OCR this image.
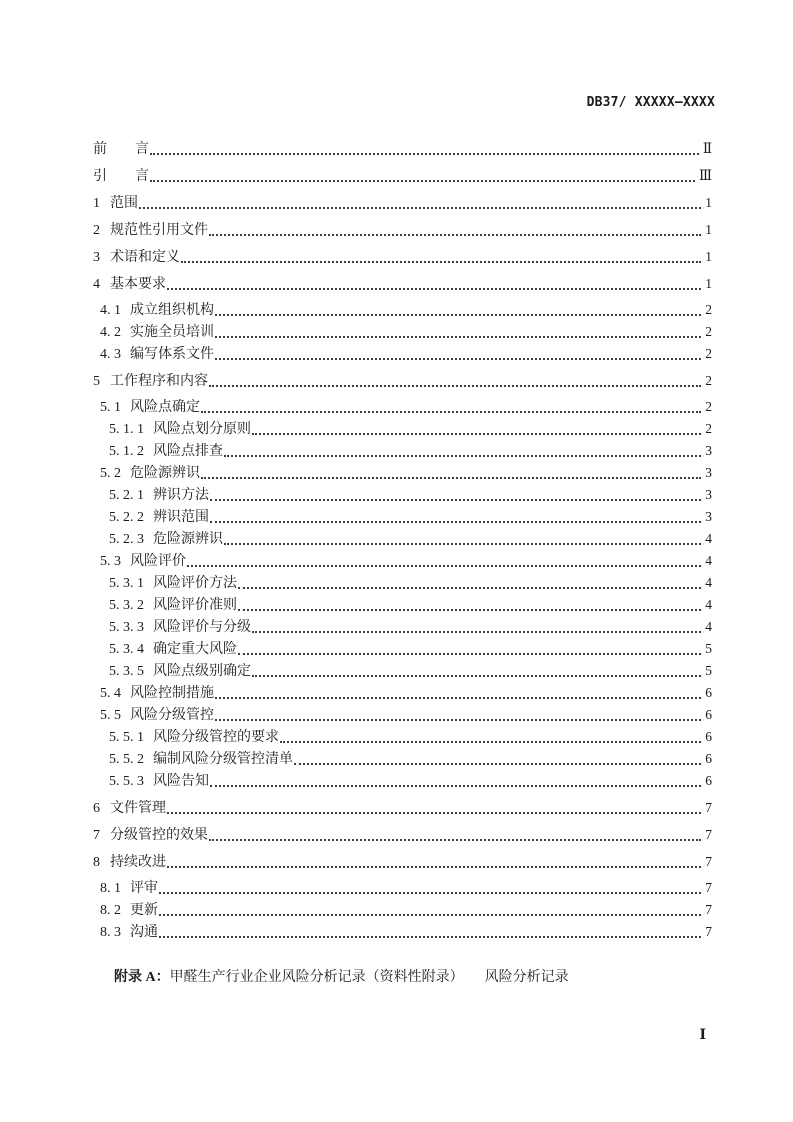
DB37/ XXXXX—XXXX
前　　言	Ⅱ
引　　言	Ⅲ
1 范围	1
2 规范性引用文件	1
3 术语和定义	1
4 基本要求	1
4. 1 成立组织机构	2
4. 2 实施全员培训	2
4. 3 编写体系文件	2
5 工作程序和内容	2
5. 1 风险点确定	2
5. 1. 1 风险点划分原则	2
5. 1. 2 风险点排查	3
5. 2 危险源辨识	3
5. 2. 1 辨识方法	3
5. 2. 2 辨识范围	3
5. 2. 3 危险源辨识	4
5. 3 风险评价	4
5. 3. 1 风险评价方法	4
5. 3. 2 风险评价准则	4
5. 3. 3 风险评价与分级	4
5. 3. 4 确定重大风险	5
5. 3. 5 风险点级别确定	5
5. 4 风险控制措施	6
5. 5 风险分级管控	6
5. 5. 1 风险分级管控的要求	6
5. 5. 2 编制风险分级管控清单	6
5. 5. 3 风险告知	6
6 文件管理	7
7 分级管控的效果	7
8 持续改进	7
8. 1 评审	7
8. 2 更新	7
8. 3 沟通	7

附录 A：甲醛生产行业企业风险分析记录（资料性附录） 风险分析记录

Ⅰ
